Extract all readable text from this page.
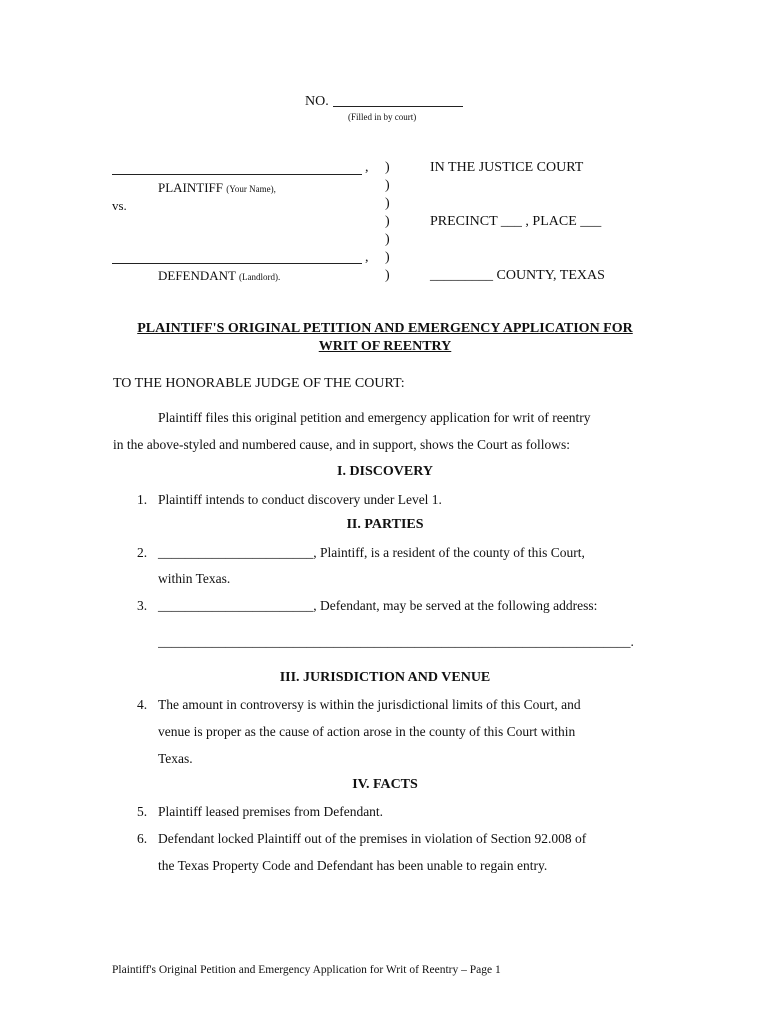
NO.
(Filled in by court)
,
PLAINTIFF (Your Name),
vs.
,
DEFENDANT (Landlord).
)
)
)
)
)
)
)
IN THE JUSTICE COURT
PRECINCT ___ , PLACE ___
_________ COUNTY, TEXAS
PLAINTIFF'S ORIGINAL PETITION AND EMERGENCY APPLICATION FOR
WRIT OF REENTRY
TO THE HONORABLE JUDGE OF THE COURT:
Plaintiff files this original petition and emergency application for writ of reentry
in the above-styled and numbered cause, and in support, shows the Court as follows:
I. DISCOVERY
1. Plaintiff intends to conduct discovery under Level 1.
II. PARTIES
2. _______________________, Plaintiff, is a resident of the county of this Court,
within Texas.
3. _______________________, Defendant, may be served at the following address:
______________________________________________________________________.
III. JURISDICTION AND VENUE
4. The amount in controversy is within the jurisdictional limits of this Court, and
venue is proper as the cause of action arose in the county of this Court within
Texas.
IV. FACTS
5. Plaintiff leased premises from Defendant.
6. Defendant locked Plaintiff out of the premises in violation of Section 92.008 of
the Texas Property Code and Defendant has been unable to regain entry.
Plaintiff's Original Petition and Emergency Application for Writ of Reentry – Page 1
